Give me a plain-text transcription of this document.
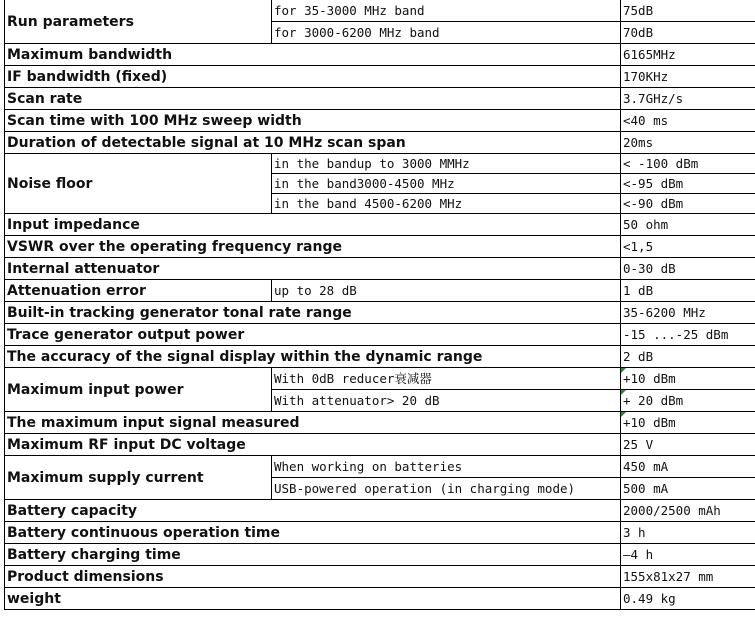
Run parameters	for 35-3000 MHz band	75dB
	for 3000-6200 MHz band	70dB
Maximum bandwidth		6165MHz
IF bandwidth (fixed)		170KHz
Scan rate		3.7GHz/s
Scan time with 100 MHz sweep width		<40 ms
Duration of detectable signal at 10 MHz scan span		20ms
Noise floor	in the bandup to 3000 MMHz	< -100 dBm
	in the band3000-4500 MHz	<-95 dBm
	in the band 4500-6200 MHz	<-90 dBm
Input impedance		50 ohm
VSWR over the operating frequency range		<1,5
Internal attenuator		0-30 dB
Attenuation error	up to 28 dB	1 dB
Built-in tracking generator tonal rate range		35-6200 MHz
Trace generator output power		-15 ...-25 dBm
The accuracy of the signal display within the dynamic range		2 dB
Maximum input power	With 0dB reducer衰减器	+10 dBm
	With attenuator> 20 dB	+ 20 dBm
The maximum input signal measured		+10 dBm
Maximum RF input DC voltage		25 V
Maximum supply current	When working on batteries	450 mA
	USB-powered operation (in charging mode)	500 mA
Battery capacity		2000/2500 mAh
Battery continuous operation time		3 h
Battery charging time		—4 h
Product dimensions		155x81x27 mm
weight		0.49 kg
